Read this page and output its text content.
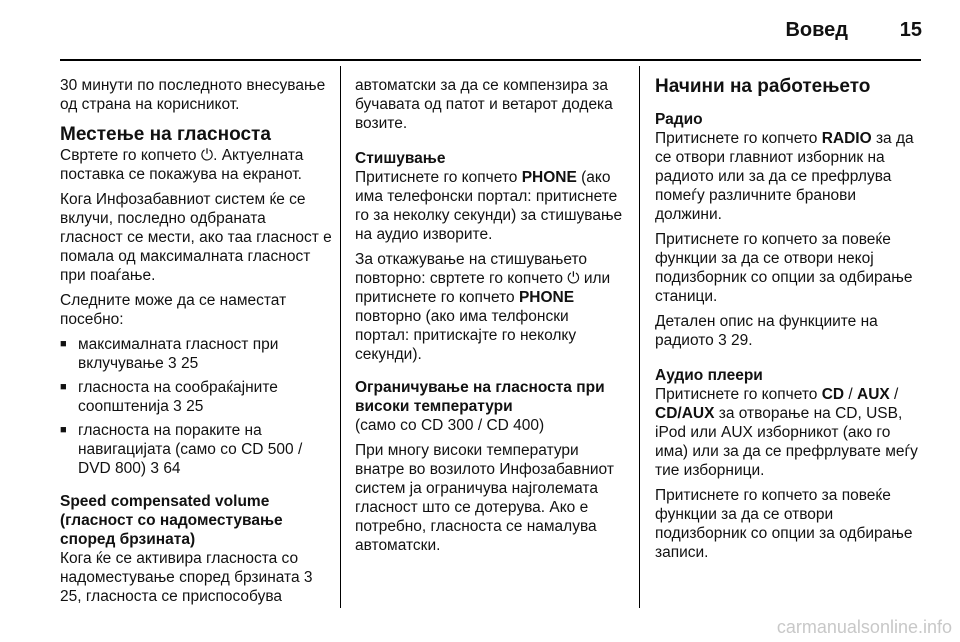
Вовед	15

30 минути по последното внесување од страна на корисникот.

Местење на гласноста

Свртете го копчето ⏻. Актуелната поставка се покажува на екранот.

Кога Инфозабавниот систем ќе се вклучи, последно одбраната гласност се мести, ако таа гласност е помала од максималната гласност при поаѓање.

Следните може да се наместат посебно:

■ максималната гласност при вклучување 3 25
■ гласноста на сообраќајните соопштенија 3 25
■ гласноста на пораките на навигацијата (само со CD 500 / DVD 800) 3 64

Speed compensated volume (гласност со надоместување според брзината)

Кога ќе се активира гласноста со надоместување според брзината 3 25, гласноста се приспособува

автоматски за да се компензира за бучавата од патот и ветарот додека возите.

Стишување

Притиснете го копчето PHONE (ако има телефонски портал: притиснете го за неколку секунди) за стишување на аудио изворите.

За откажување на стишувањето повторно: свртете го копчето ⏻ или притиснете го копчето PHONE повторно (ако има телфонски портал: притискајте го неколку секунди).

Ограничување на гласноста при високи температури

(само со CD 300 / CD 400)

При многу високи температури внатре во возилото Инфозабавниот систем ја ограничува најголемата гласност што се дотерува. Ако е потребно, гласноста се намалува автоматски.

Начини на работењето

Радио

Притиснете го копчето RADIO за да се отвори главниот изборник на радиото или за да се префрлува помеѓу различните бранови должини.

Притиснете го копчето за повеќе функции за да се отвори некој подизборник со опции за одбирање станици.

Детален опис на функциите на радиото 3 29.

Аудио плеери

Притиснете го копчето CD / AUX / CD/AUX за отворање на CD, USB, iPod или AUX изборникот (ако го има) или за да се префрлувате меѓу тие изборници.

Притиснете го копчето за повеќе функции за да се отвори подизборник со опции за одбирање записи.

carmanualsonline.info
